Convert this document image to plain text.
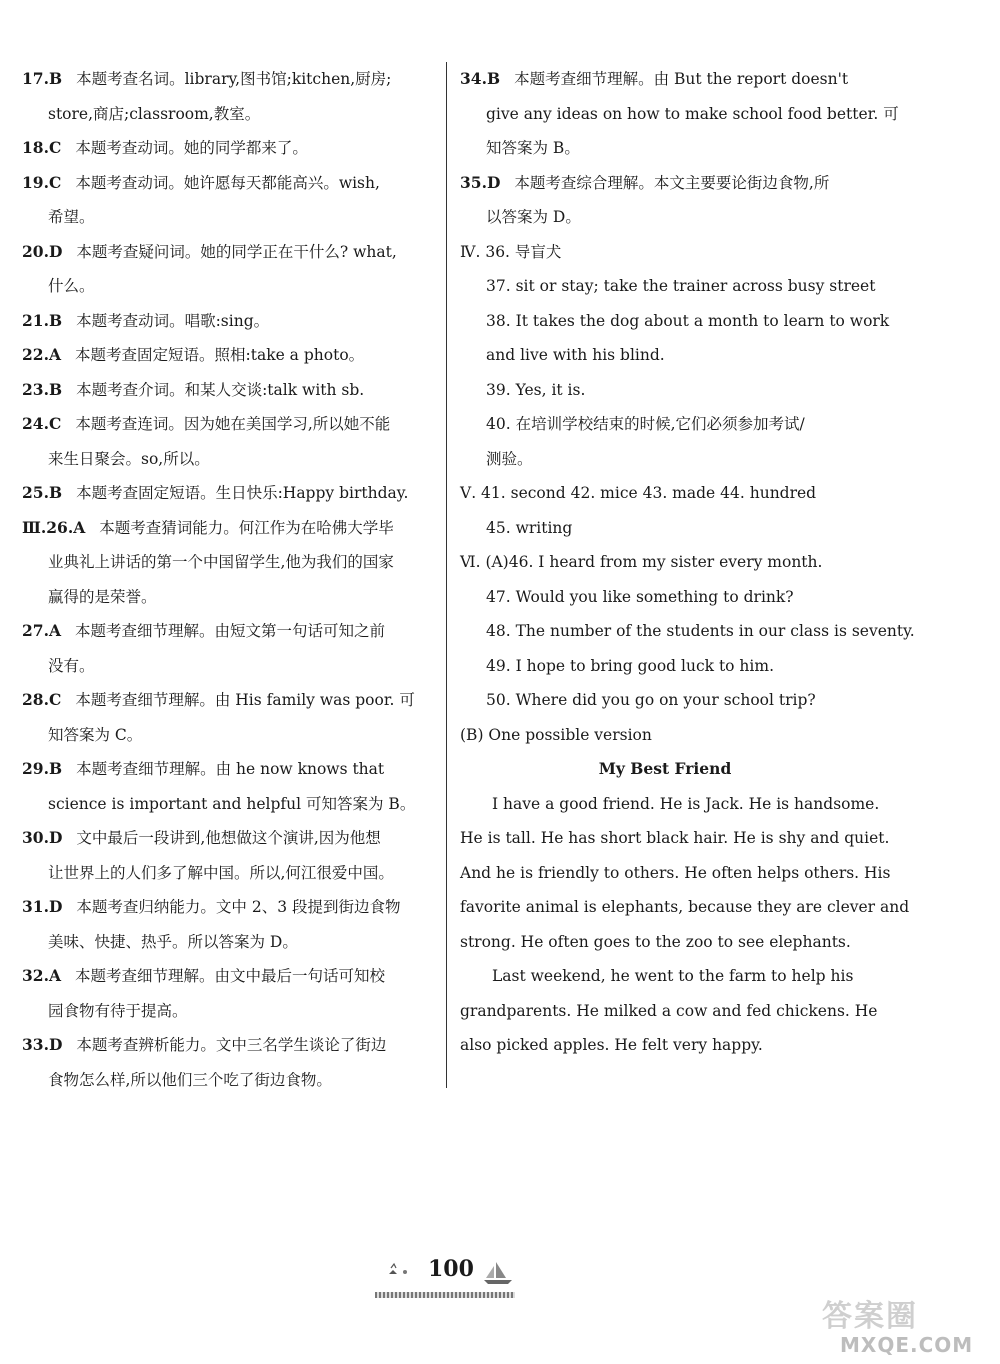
17.B 本题考查名词。library,图书馆;kitchen,厨房;
store,商店;classroom,教室。
18.C 本题考查动词。她的同学都来了。
19.C 本题考查动词。她许愿每天都能高兴。wish,
希望。
20.D 本题考查疑问词。她的同学正在干什么? what,
什么。
21.B 本题考查动词。唱歌:sing。
22.A 本题考查固定短语。照相:take a photo。
23.B 本题考查介词。和某人交谈:talk with sb.
24.C 本题考查连词。因为她在美国学习,所以她不能
来生日聚会。so,所以。
25.B 本题考查固定短语。生日快乐:Happy birthday.
Ⅲ.26.A 本题考查猜词能力。何江作为在哈佛大学毕
业典礼上讲话的第一个中国留学生,他为我们的国家
赢得的是荣誉。
27.A 本题考查细节理解。由短文第一句话可知之前
没有。
28.C 本题考查细节理解。由 His family was poor. 可
知答案为 C。
29.B 本题考查细节理解。由 he now knows that
science is important and helpful 可知答案为 B。
30.D 文中最后一段讲到,他想做这个演讲,因为他想
让世界上的人们多了解中国。所以,何江很爱中国。
31.D 本题考查归纳能力。文中 2、3 段提到街边食物
美味、快捷、热乎。所以答案为 D。
32.A 本题考查细节理解。由文中最后一句话可知校
园食物有待于提高。
33.D 本题考查辨析能力。文中三名学生谈论了街边
食物怎么样,所以他们三个吃了街边食物。
34.B 本题考查细节理解。由 But the report doesn't
give any ideas on how to make school food better. 可
知答案为 B。
35.D 本题考查综合理解。本文主要要论街边食物,所
以答案为 D。
Ⅳ. 36. 导盲犬
37. sit or stay; take the trainer across busy street
38. It takes the dog about a month to learn to work
and live with his blind.
39. Yes, it is.
40. 在培训学校结束的时候,它们必须参加考试/
测验。
Ⅴ. 41. second 42. mice 43. made 44. hundred
45. writing
Ⅵ. (A)46. I heard from my sister every month.
47. Would you like something to drink?
48. The number of the students in our class is seventy.
49. I hope to bring good luck to him.
50. Where did you go on your school trip?
(B) One possible version
My Best Friend
I have a good friend. He is Jack. He is handsome.
He is tall. He has short black hair. He is shy and quiet.
And he is friendly to others. He often helps others. His
favorite animal is elephants, because they are clever and
strong. He often goes to the zoo to see elephants.
Last weekend, he went to the farm to help his
grandparents. He milked a cow and fed chickens. He
also picked apples. He felt very happy.
100
答案圈
MXQE.COM
